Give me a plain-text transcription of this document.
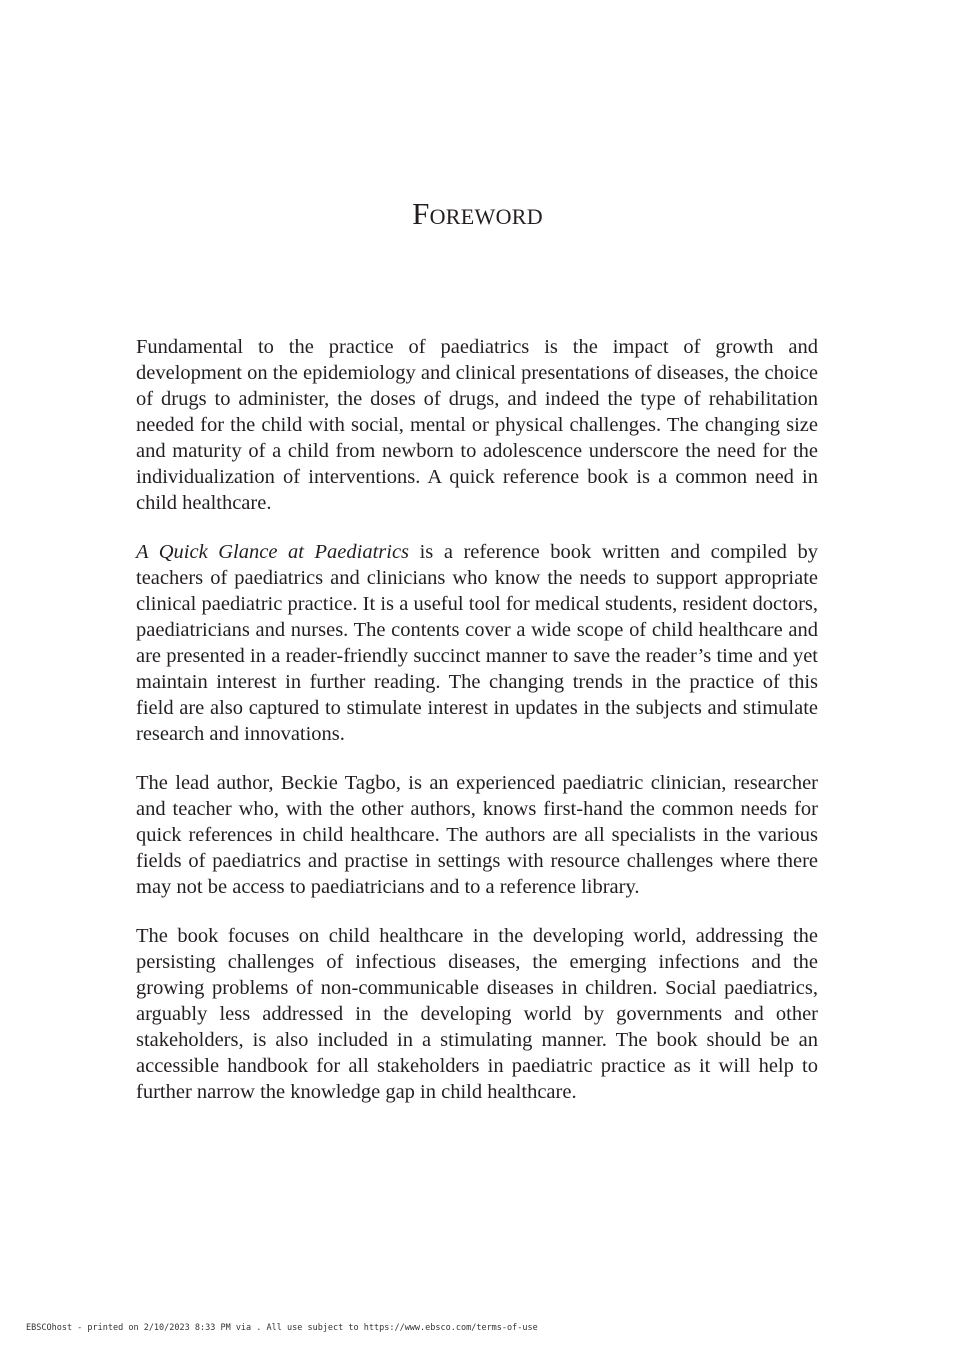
Foreword

Fundamental to the practice of paediatrics is the impact of growth and development on the epidemiology and clinical presentations of diseases, the choice of drugs to administer, the doses of drugs, and indeed the type of rehabilitation needed for the child with social, mental or physical challenges. The changing size and maturity of a child from newborn to adolescence underscore the need for the individualization of interventions. A quick reference book is a common need in child healthcare.

A Quick Glance at Paediatrics is a reference book written and compiled by teachers of paediatrics and clinicians who know the needs to support appropriate clinical paediatric practice. It is a useful tool for medical students, resident doctors, paediatricians and nurses. The contents cover a wide scope of child healthcare and are presented in a reader-friendly succinct manner to save the reader’s time and yet maintain interest in further reading. The changing trends in the practice of this field are also captured to stimulate interest in updates in the subjects and stimulate research and innovations.

The lead author, Beckie Tagbo, is an experienced paediatric clinician, researcher and teacher who, with the other authors, knows first-hand the common needs for quick references in child healthcare. The authors are all specialists in the various fields of paediatrics and practise in settings with resource challenges where there may not be access to paediatricians and to a reference library.

The book focuses on child healthcare in the developing world, addressing the persisting challenges of infectious diseases, the emerging infections and the growing problems of non-communicable diseases in children. Social paediatrics, arguably less addressed in the developing world by governments and other stakeholders, is also included in a stimulating manner. The book should be an accessible handbook for all stakeholders in paediatric practice as it will help to further narrow the knowledge gap in child healthcare.

EBSCOhost - printed on 2/10/2023 8:33 PM via . All use subject to https://www.ebsco.com/terms-of-use
